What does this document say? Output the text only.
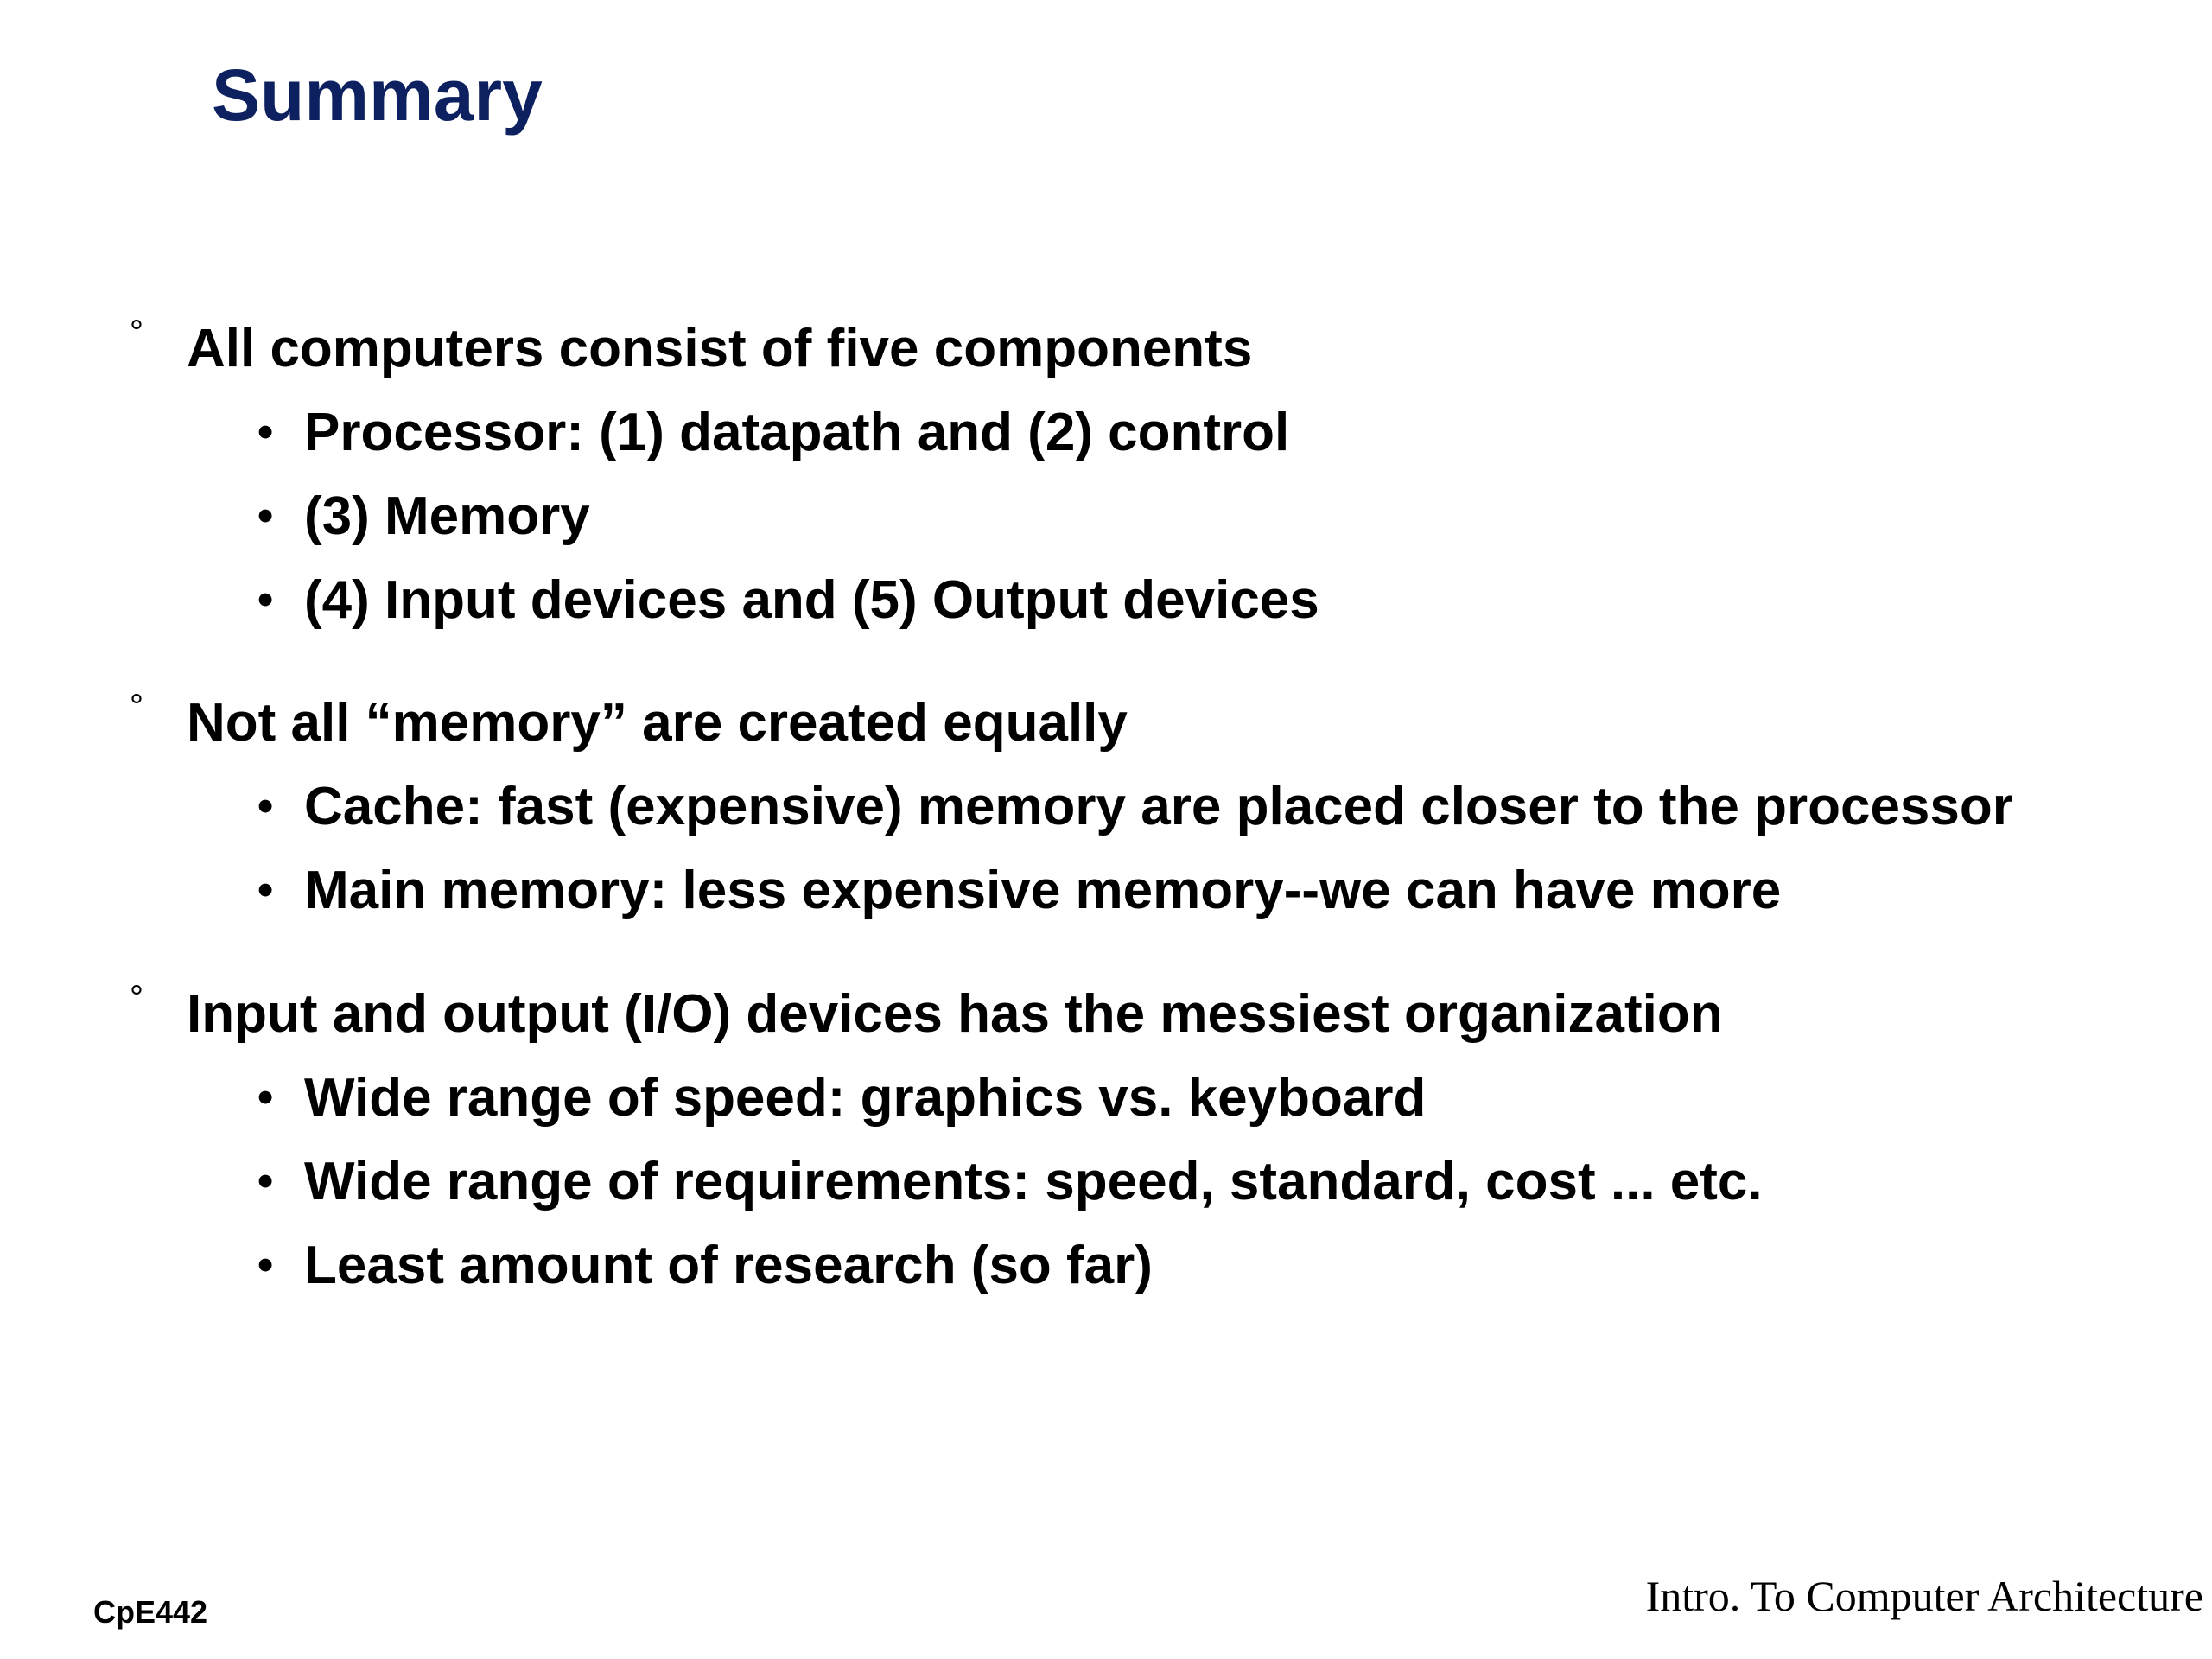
Summary
° All computers consist of five components
• Processor: (1) datapath and (2) control
• (3) Memory
• (4) Input devices and (5) Output devices
° Not all “memory” are created equally
• Cache: fast (expensive) memory are placed closer to the processor
• Main memory: less expensive memory--we can have more
° Input and output (I/O) devices has the messiest organization
• Wide range of speed: graphics vs. keyboard
• Wide range of requirements: speed, standard, cost ... etc.
• Least amount of research (so far)
CpE442	Intro. To Computer Architecture
